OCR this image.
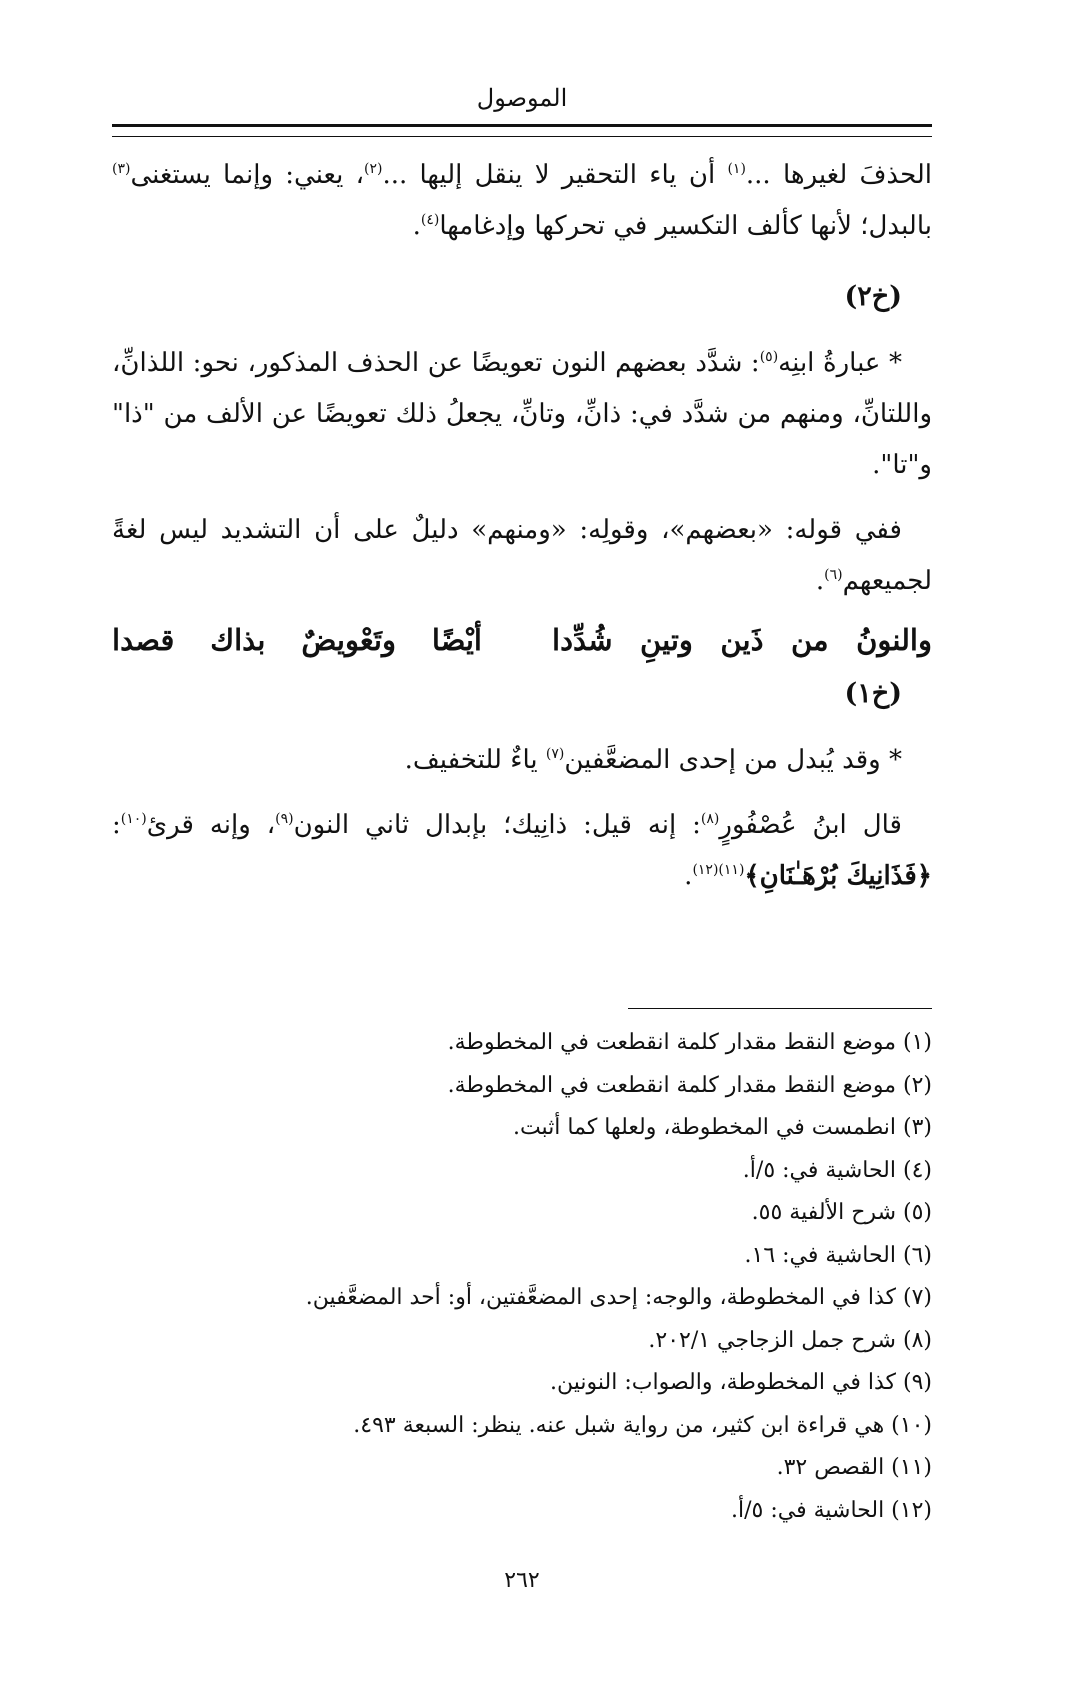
الموصول

الحذفَ لغيرها ...$^{(١)}$ أن ياء التحقير لا ينقل إليها ...$^{(٢)}$، يعني: وإنما يستغنى$^{(٣)}$ بالبدل؛ لأنها كألف التكسير في تحركها وإدغامها$^{(٤)}$.

(خ٢)

* عبارةُ ابنِه$^{(٥)}$: شدَّد بعضهم النون تعويضًا عن الحذف المذكور، نحو: اللذانِّ، واللتانِّ، ومنهم من شدَّد في: ذانِّ، وتانِّ، يجعلُ ذلك تعويضًا عن الألف من "ذا" و"تا".

ففي قوله: «بعضهم»، وقولِه: «ومنهم» دليلٌ على أن التشديد ليس لغةً لجميعهم$^{(٦)}$.

والنونُ
من
ذَين
وتينِ
شُدِّدا
أيْضًا
وتَعْويضٌ
بذاك
قصدا

(خ١)

* وقد يُبدل من إحدى المضعَّفين$^{(٧)}$ ياءٌ للتخفيف.

قال ابنُ عُصْفُورٍ$^{(٨)}$: إنه قيل: ذانِيك؛ بإبدال ثاني النون$^{(٩)}$، وإنه قرئ$^{(١٠)}$: ﴿فَذَانِيكَ بُرْهَـٰنَانِ﴾$^{(١١)(١٢)}$.

(١) موضع النقط مقدار كلمة انقطعت في المخطوطة.
(٢) موضع النقط مقدار كلمة انقطعت في المخطوطة.
(٣) انطمست في المخطوطة، ولعلها كما أثبت.
(٤) الحاشية في: ٥/أ.
(٥) شرح الألفية ٥٥.
(٦) الحاشية في: ١٦.
(٧) كذا في المخطوطة، والوجه: إحدى المضعَّفتين، أو: أحد المضعَّفين.
(٨) شرح جمل الزجاجي ٢٠٢/١.
(٩) كذا في المخطوطة، والصواب: النونين.
(١٠) هي قراءة ابن كثير، من رواية شبل عنه. ينظر: السبعة ٤٩٣.
(١١) القصص ٣٢.
(١٢) الحاشية في: ٥/أ.
٢٦٢
